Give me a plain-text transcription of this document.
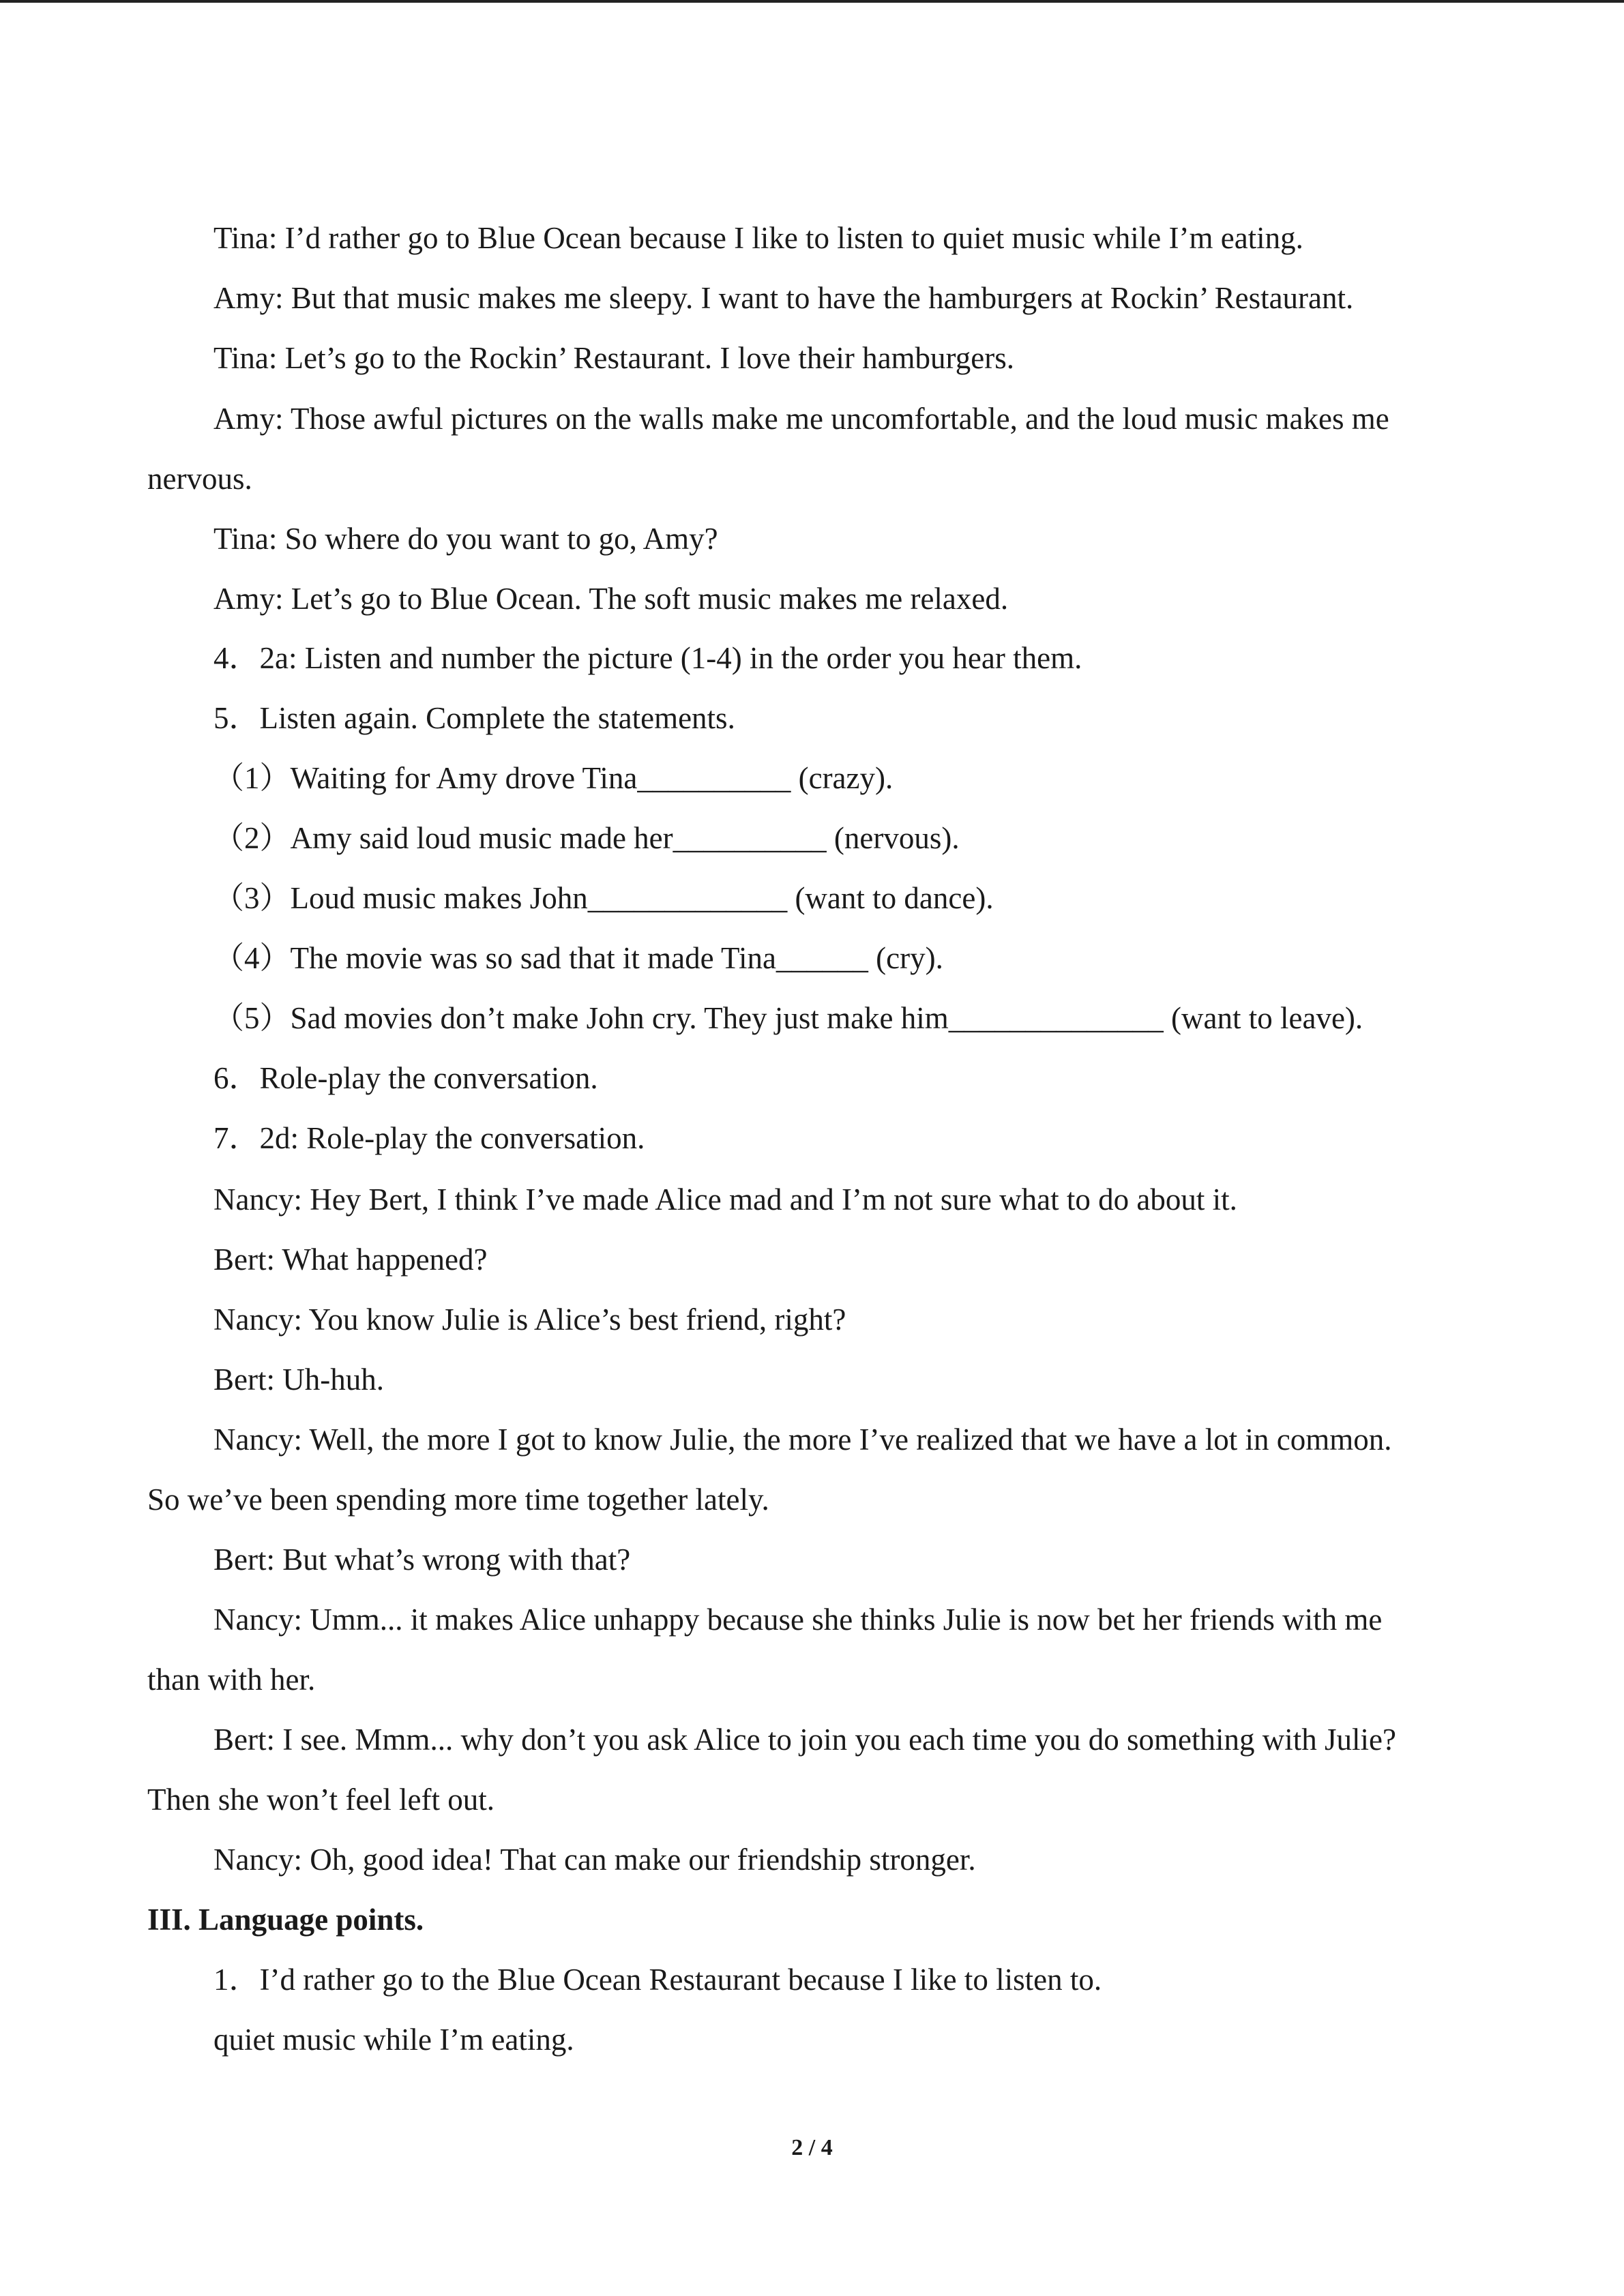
Tina: I’d rather go to Blue Ocean because I like to listen to quiet music while I’m eating.
Amy: But that music makes me sleepy. I want to have the hamburgers at Rockin’ Restaurant.
Tina: Let’s go to the Rockin’ Restaurant. I love their hamburgers.
Amy: Those awful pictures on the walls make me uncomfortable, and the loud music makes me
nervous.
Tina: So where do you want to go, Amy?
Amy: Let’s go to Blue Ocean. The soft music makes me relaxed.
4．2a: Listen and number the picture (1-4) in the order you hear them.
5．Listen again. Complete the statements.
（1）Waiting for Amy drove Tina__________ (crazy).
（2）Amy said loud music made her__________ (nervous).
（3）Loud music makes John_____________ (want to dance).
（4）The movie was so sad that it made Tina______ (cry).
（5）Sad movies don’t make John cry. They just make him______________ (want to leave).
6．Role-play the conversation.
7．2d: Role-play the conversation.
Nancy: Hey Bert, I think I’ve made Alice mad and I’m not sure what to do about it.
Bert: What happened?
Nancy: You know Julie is Alice’s best friend, right?
Bert: Uh-huh.
Nancy: Well, the more I got to know Julie, the more I’ve realized that we have a lot in common.
So we’ve been spending more time together lately.
Bert: But what’s wrong with that?
Nancy: Umm... it makes Alice unhappy because she thinks Julie is now bet her friends with me
than with her.
Bert: I see. Mmm... why don’t you ask Alice to join you each time you do something with Julie?
Then she won’t feel left out.
Nancy: Oh, good idea! That can make our friendship stronger.
III. Language points.
1．I’d rather go to the Blue Ocean Restaurant because I like to listen to.
quiet music while I’m eating.
2 / 4
